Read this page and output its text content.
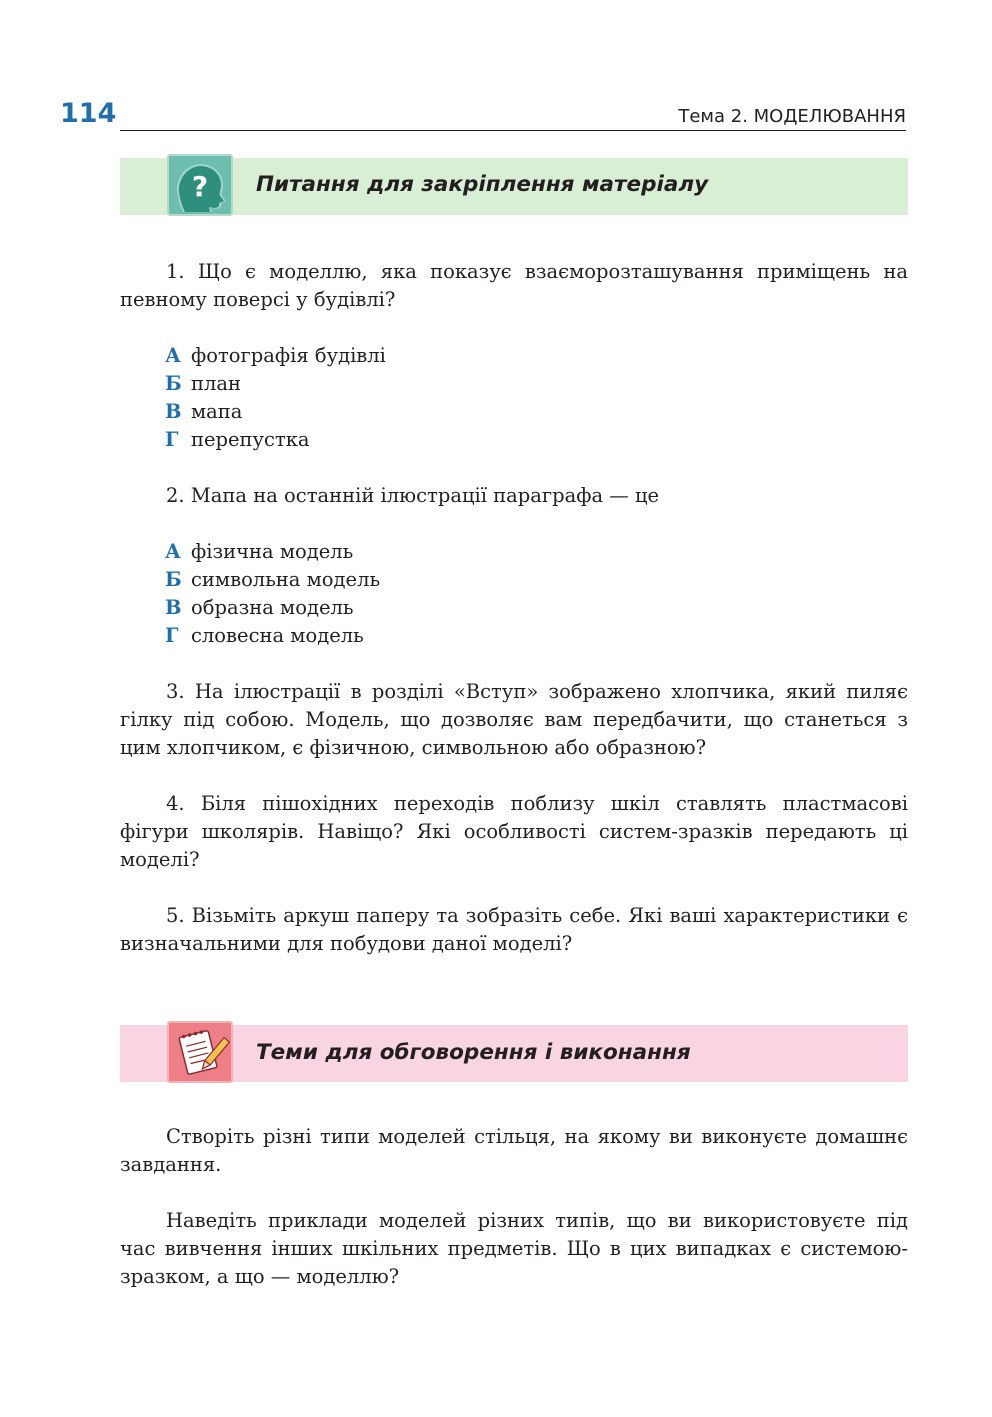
114	Тема 2. МОДЕЛЮВАННЯ
? Питання для закріплення матеріалу
1. Що є моделлю, яка показує взаєморозташування приміщень на певному поверсі у будівлі?
А фотографія будівлі
Б план
В мапа
Г перепустка
2. Мапа на останній ілюстрації параграфа — це
А фізична модель
Б символьна модель
В образна модель
Г словесна модель
3. На ілюстрації в розділі «Вступ» зображено хлопчика, який пиляє гілку під собою. Модель, що дозволяє вам передбачити, що станеться з цим хлопчиком, є фізичною, символьною або образною?
4. Біля пішохідних переходів поблизу шкіл ставлять пластмасові фігури школярів. Навіщо? Які особливості систем-зразків передають ці моделі?
5. Візьміть аркуш паперу та зобразіть себе. Які ваші характеристики є визначальними для побудови даної моделі?
Теми для обговорення і виконання
Створіть різні типи моделей стільця, на якому ви виконуєте домашнє завдання.
Наведіть приклади моделей різних типів, що ви використовуєте під час вивчення інших шкільних предметів. Що в цих випадках є системою-зразком, а що — моделлю?
